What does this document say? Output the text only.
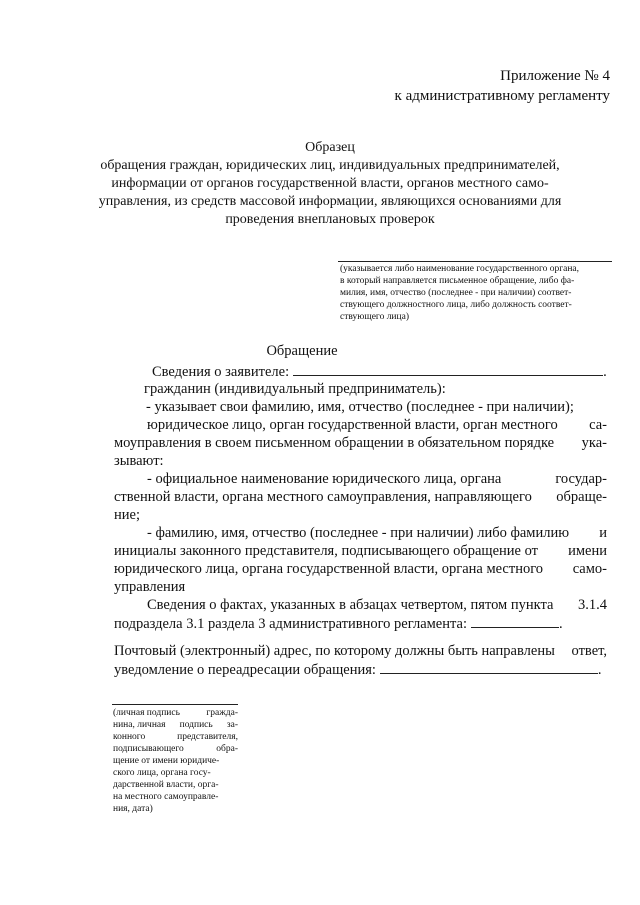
Приложение № 4
к административному регламенту
Образец
обращения граждан, юридических лиц, индивидуальных предпринимателей,
информации от органов государственной власти, органов местного само-
управления, из средств массовой информации, являющихся основаниями для
проведения внеплановых проверок
(указывается либо наименование государственного органа,
в который направляется письменное обращение, либо фа-
милия, имя, отчество (последнее - при наличии) соответ-
ствующего должностного лица, либо должность соответ-
ствующего лица)
Обращение
Сведения о заявителе:	.
гражданин (индивидуальный предприниматель):
- указывает свои фамилию, имя, отчество (последнее - при наличии);
юридическое лицо, орган государственной власти, орган местного са-
моуправления в своем письменном обращении в обязательном порядке ука-
зывают:
- официальное наименование юридического лица, органа	государ-
ственной власти, органа местного самоуправления, направляющего обраще-
ние;
- фамилию, имя, отчество (последнее - при наличии) либо фамилию и
инициалы законного представителя, подписывающего обращение от имени
юридического лица, органа государственной власти, органа местного само-
управления
Сведения о фактах, указанных в абзацах четвертом, пятом пункта 3.1.4
подраздела 3.1 раздела 3 административного регламента:	.
Почтовый (электронный) адрес, по которому должны быть направлены ответ,
уведомление о переадресации обращения:	.
(личная подпись	гражда-
нина, личная подпись за-
конного	представителя,
подписывающего	обра-
щение от имени юридиче-
ского лица, органа госу-
дарственной власти, орга-
на местного самоуправле-
ния, дата)
